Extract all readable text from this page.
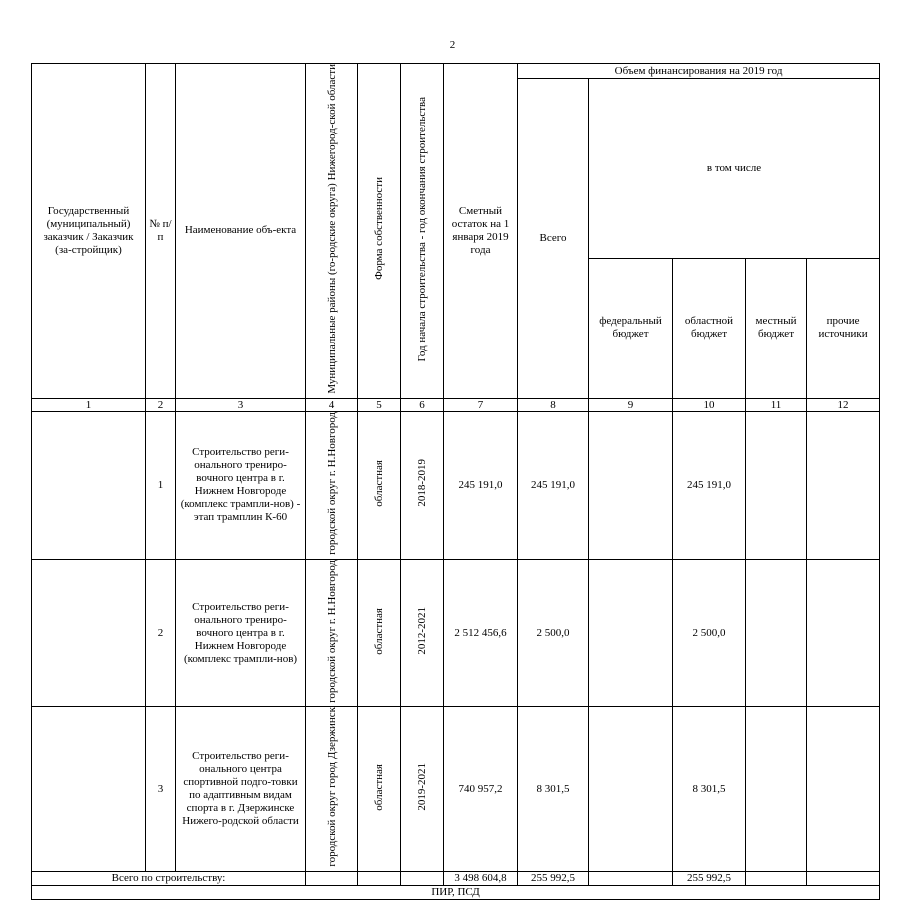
2
Государственный (муниципальный) заказчик / Заказчик (за-стройщик)	№ п/п	Наименование объ-екта	Муниципальные районы (го-родские округа) Нижегород-ской области	Форма собственности	Год начала строительства - год окончания строительства	Сметный остаток на 1 января 2019 года	Объем финансирования на 2019 год				
							Всего	в том числе			
								федеральный бюджет	областной бюджет	местный бюджет	прочие источники
1	2	3	4	5	6	7	8	9	10	11	12
	1	Строительство реги-онального трениро-вочного центра в г. Нижнем Новгороде (комплекс трампли-нов) - этап трамплин К-60	городской округ г. Н.Новгород	областная	2018-2019	245 191,0	245 191,0		245 191,0		
	2	Строительство реги-онального трениро-вочного центра в г. Нижнем Новгороде (комплекс трампли-нов)	городской округ г. Н.Новгород	областная	2012-2021	2 512 456,6	2 500,0		2 500,0		
	3	Строительство реги-онального центра спортивной подго-товки по адаптивным видам спорта в г. Дзержинске Нижего-родской области	городской округ город Дзержинск	областная	2019-2021	740 957,2	8 301,5		8 301,5		
Всего по строительству:						3 498 604,8	255 992,5		255 992,5		
ПИР, ПСД											
